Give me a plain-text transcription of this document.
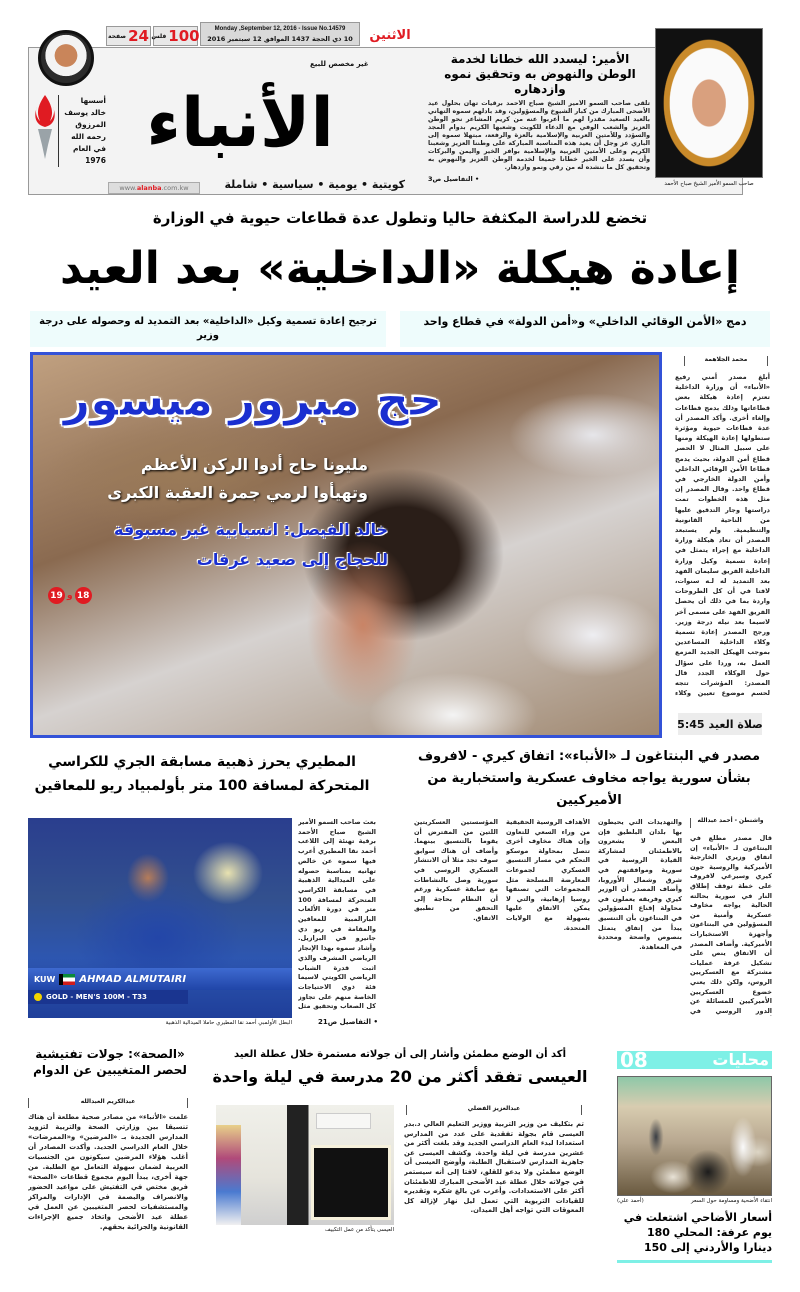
الاثنين
Monday ,September 12, 2016 - Issue No.14579
10 ذي الحجة 1437 الموافق 12 سبتمبر 2016
فلس 100
صفحة 24
أسسها
خالد يوسف
المرزوق
رحمه الله
في العام
1976
غير مخصص للبيع
الأنباء
www.alanba.com.kw	كويتية • يومية • سياسية • شاملة
الأمير: ليسدد الله خطانا لخدمة الوطن والنهوض به وتحقيق نموه وازدهاره
تلقى صاحب السمو الأمير الشيخ صباح الأحمد برقيات تهان بحلول عيد الأضحى المبارك من كبار الشيوخ والمسؤولين، وقد بادلهم سموه التهاني بالعيد السعيد مقدرا لهم ما أعربوا عنه من كريم المشاعر نحو الوطن العزيز والشعب الوفي مع الدعاء للكويت وشعبها الكريم بدوام المجد والسؤدد وللأمتين العربية والإسلامية بالعزة والرفعة، مبتهلا سموه إلى الباري عز وجل أن يعيد هذه المناسبة المباركة على وطننا العزيز وشعبنا الكريم وعلى الأمتين العربية والإسلامية بوافر الخير واليمن والبركات وأن يسدد على الخير خطانا جميعا لخدمة الوطن العزيز والنهوض به وتحقيق كل ما ننشده له من رقي ونمو وازدهار.
• التفاصيل ص3
صاحب السمو الأمير الشيخ صباح الأحمد
تخضع للدراسة المكثفة حاليا وتطول عدة قطاعات حيوية في الوزارة
إعادة هيكلة «الداخلية» بعد العيد
دمج «الأمن الوقائي الداخلي» و«أمن الدولة» في قطاع واحد
ترجيح إعادة تسمية وكيل «الداخلية» بعد التمديد له وحصوله على درجة وزير
حج مبرور ميسور
مليونا حاج أدوا الركن الأعظم
وتهيأوا لرمي جمرة العقبة الكبرى
خالد الفيصل: انسيابية غير مسبوقة
للحجاج إلى صعيد عرفات
19 و 18
محمد الجلاهمة
أبلغ مصدر أمني رفيع «الأنباء» أن وزارة الداخلية تعتزم إعادة هيكلة بعض قطاعاتها وذلك بدمج قطاعات وإلغاء أخرى. وأكد المصدر أن عدة قطاعات حيوية ومؤثرة ستطولها إعادة الهيكلة ومنها على سبيل المثال لا الحصر قطاع أمن الدولة، بحيث يدمج قطاعا الأمن الوقائي الداخلي وأمن الدولة الخارجي في قطاع واحد. وقال المصدر إن مثل هذه الخطوات تمت دراستها وجار التدقيق عليها من الناحية القانونية والتنظيمية. ولم يستبعد المصدر أن تعاد هيكلة وزارة الداخلية مع إجراء يتمثل في إعادة تسمية وكيل وزارة الداخلية الفريق سليمان الفهد بعد التمديد له لـه سنوات، لافتا في أن كل الطروحات واردة بما في ذلك أن يحصل الفريق الفهد على مسمى آخر لاسيما بعد نيله درجة وزير. ورجح المصدر إعادة تسمية وكلاء الداخلية المساعدين بموجب الهيكل الجديد المزمع العمل به، وردا على سؤال حول الوكلاء الجدد قال المصدر: المؤشرات تتجه لحسم موضوع تعيين وكلاء
صلاة العيد
5:45
المطيري يحرز ذهبية مسابقة الجري للكراسي المتحركة لمسافة 100 متر بأولمبياد ريو للمعاقين
KUW AHMAD ALMUTAIRI
GOLD - MEN'S 100M - T33
البطل الأولمبي أحمد نقا المطيري حاملا الميدالية الذهبية
بعث صاحب السمو الأمير الشيخ صباح الأحمد برقية تهنئة إلى اللاعب أحمد نقا المطيري أعرب فيها سموه عن خالص تهانيه بمناسبة حصوله على الميدالية الذهبية في مسابقة الكراسي المتحركة لمسافة 100 متر في دورة الألعاب البارالمبية للمعاقين والمقامة في ريو دي جانيرو في البرازيل. وأشاد سموه بهذا الإنجاز الرياضي المشرف والذي اثبت قدرة الشباب الرياضي الكويتي لاسيما فئة ذوي الاحتياجات الخاصة منهم على تجاوز كل الصعاب وتحقيق مثل
• التفاصيل ص21
مصدر في البنتاغون لـ «الأنباء»: اتفاق كيري - لافروف بشأن سورية يواجه مخاوف عسكرية واستخبارية من الأميركيين
واشنطن - أحمد عبدالله
قال مصدر مطلع في البنتاغون لـ «الأنباء» إن اتفاق وزيري الخارجية الأميركية والروسية جون كيري وسيرغي لافروف على خطة توقف إطلاق النار في سورية بحالته الحالية يواجه مخاوف عسكرية وأمنية من المسؤولين في البنتاغون وأجهزة الاستخبارات الأميركية. وأضاف المصدر أن الاتفاق ينص على تشكيل غرفة عمليات مشتركة مع العسكريين الروس، ولكن ذلك يعني خضوع العسكريين الأميركيين للمسائلة عن الدور الروسي في
والتهديدات التي يحيطون بها بلدان البلطيق فإن البعض لا يشعرون بالاطمئنان لمشاركة القيادة الروسية في سورية وموافقتهم في شرق وشمال الأوروبا، وأضاف المصدر أن الوزير كيري وفريقه يعملون في محاولة إقناع المسؤولين في البنتاغون بأن التنسيق يبدأ من إتفاق يتمثل بنصوص واضحة ومحددة في المعاهدة.
الأهداف الروسية الحقيقية من وراء السعي للتعاون وإن هناك مخاوف أخرى تتصل بمحاولة موسكو التحكم في مسار التنسيق العسكري لجموعات المعارضة المسلحة مثل المجموعات التي تصنفها روسيا إرهابية، والتي لا يمكن الاتفاق عليها بسهولة مع الولايات المتحدة.
المؤسستين العسكريتين اللتين من المفترض أن يقوما بالتنسيق بينهما. وأضاف أن هناك سوابق سوف تجد مثلا أن الانتشار العسكري الروسي في سورية وصل بالنشاطات مع سابقة عسكرية ورغم أن النظام بحاجة إلى التحقق من تطبيق الاتفاق.
«الصحة»: جولات تفتيشية لحصر المتغيبين عن الدوام
عبدالكريم العبدالله
علمت «الأنباء» من مصادر صحية مطلعة أن هناك تنسيقا بين وزارتي الصحة والتربية لتزويد المدارس الجديدة بـ «المرضين» و«الممرضات» خلال العام الدراسي الجديد. وأكدت المصادر أن أغلب هؤلاء المرضين سيكونون من الجنسيات العربية لضمان سهولة التعامل مع الطلبة. من جهة أخرى، يبدأ اليوم مجموع قطاعات «الصحة» فريق مختص في التفتيش على مواعيد الحضور والانصراف والبصمة في الإدارات والمراكز والمستشفيات لحصر المتغيبين عن العمل في عطلة عيد الأضحى واتخاذ جميع الإجراءات القانونية والجزائية بحقهم.
أكد أن الوضع مطمئن وأشار إلى أن جولاته مستمرة خلال عطلة العيد
العيسى تفقد أكثر من 20 مدرسة في ليلة واحدة
العيسى يتأكد من عمل التكييف
عبدالعزيز الفضلي
تم بتكليف من وزير التربية ووزير التعليم العالي د.بدر العيسى قام بجولة تفقدية على عدد من المدارس استعدادا لبدء العام الدراسي الجديد وقد بلغت أكثر من عشرين مدرسة في ليلة واحدة. وكشف العيسى عن جاهزية المدارس لاستقبال الطلبة، وأوضح العيسى أن الوضع مطمئن ولا يدعو للقلق، لافتا إلى أنه سيستمر في جولاته خلال عطلة عيد الأضحى المبارك للاطمئنان أكثر على الاستعدادات. وأعرب عن بالغ شكره وتقديره للقيادات التربوية التي تعمل ليل نهار لإزالة كل المعوقات التي تواجه أهل الميدان.
08	محليات
انتقاء الأضحية ومساومة حول السعر
(أحمد علي)
أسعار الأضاحي اشتعلت في يوم عرفة: المحلي 180 دينارا والأردني إلى 150
